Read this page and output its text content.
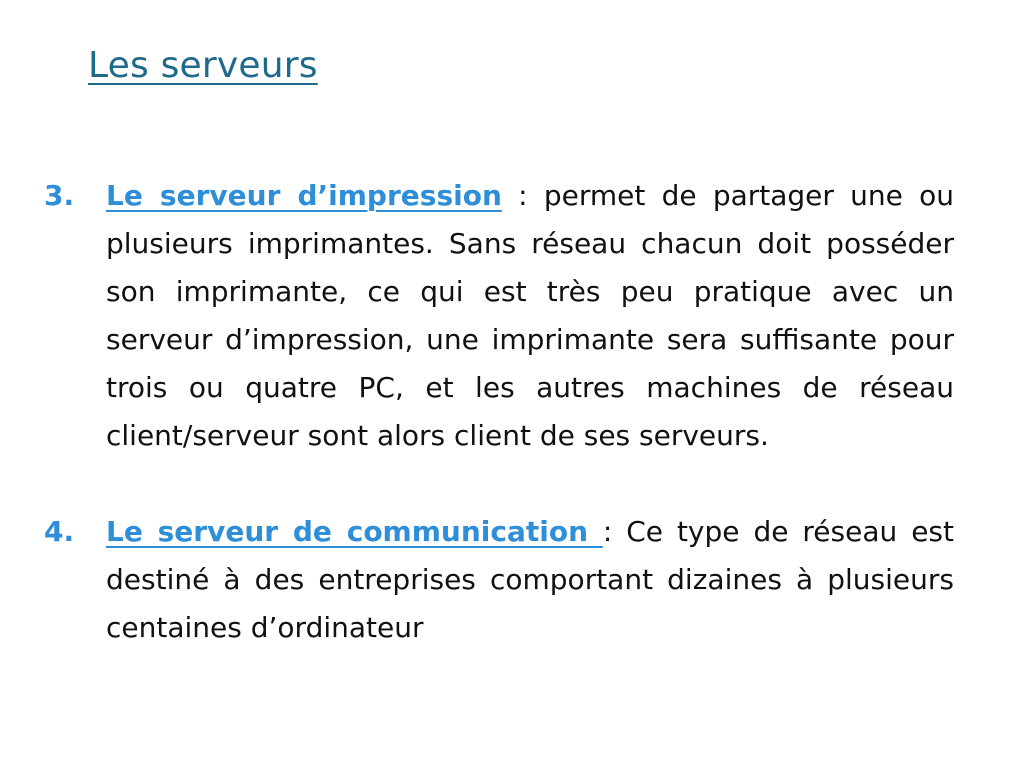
Les serveurs
3. Le serveur d’impression : permet de partager une ou plusieurs imprimantes. Sans réseau chacun doit posséder son imprimante, ce qui est très peu pratique avec un serveur d’impression, une imprimante sera suffisante pour trois ou quatre PC, et les autres machines de réseau client/serveur sont alors client de ses serveurs.
4. Le serveur de communication : Ce type de réseau est destiné à des entreprises comportant dizaines à plusieurs centaines d’ordinateur
